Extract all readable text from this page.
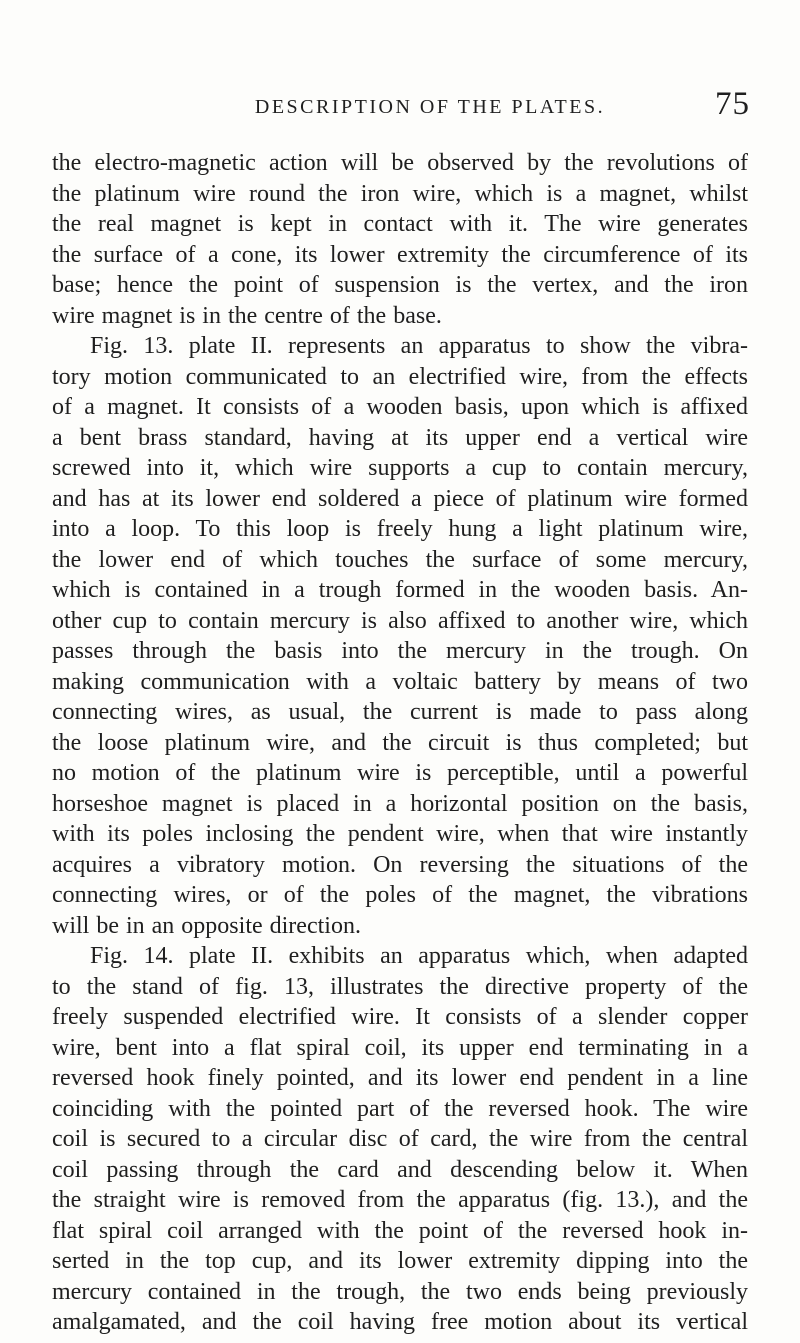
DESCRIPTION OF THE PLATES.	75
the electro-magnetic action will be observed by the revolutions of
the platinum wire round the iron wire, which is a magnet, whilst
the real magnet is kept in contact with it. The wire generates
the surface of a cone, its lower extremity the circumference of its
base; hence the point of suspension is the vertex, and the iron
wire magnet is in the centre of the base.
Fig. 13. plate II. represents an apparatus to show the vibra-
tory motion communicated to an electrified wire, from the effects
of a magnet. It consists of a wooden basis, upon which is affixed
a bent brass standard, having at its upper end a vertical wire
screwed into it, which wire supports a cup to contain mercury,
and has at its lower end soldered a piece of platinum wire formed
into a loop. To this loop is freely hung a light platinum wire,
the lower end of which touches the surface of some mercury,
which is contained in a trough formed in the wooden basis. An-
other cup to contain mercury is also affixed to another wire, which
passes through the basis into the mercury in the trough. On
making communication with a voltaic battery by means of two
connecting wires, as usual, the current is made to pass along
the loose platinum wire, and the circuit is thus completed; but
no motion of the platinum wire is perceptible, until a powerful
horseshoe magnet is placed in a horizontal position on the basis,
with its poles inclosing the pendent wire, when that wire instantly
acquires a vibratory motion. On reversing the situations of the
connecting wires, or of the poles of the magnet, the vibrations
will be in an opposite direction.
Fig. 14. plate II. exhibits an apparatus which, when adapted
to the stand of fig. 13, illustrates the directive property of the
freely suspended electrified wire. It consists of a slender copper
wire, bent into a flat spiral coil, its upper end terminating in a
reversed hook finely pointed, and its lower end pendent in a line
coinciding with the pointed part of the reversed hook. The wire
coil is secured to a circular disc of card, the wire from the central
coil passing through the card and descending below it. When
the straight wire is removed from the apparatus (fig. 13.), and the
flat spiral coil arranged with the point of the reversed hook in-
serted in the top cup, and its lower extremity dipping into the
mercury contained in the trough, the two ends being previously
amalgamated, and the coil having free motion about its vertical
